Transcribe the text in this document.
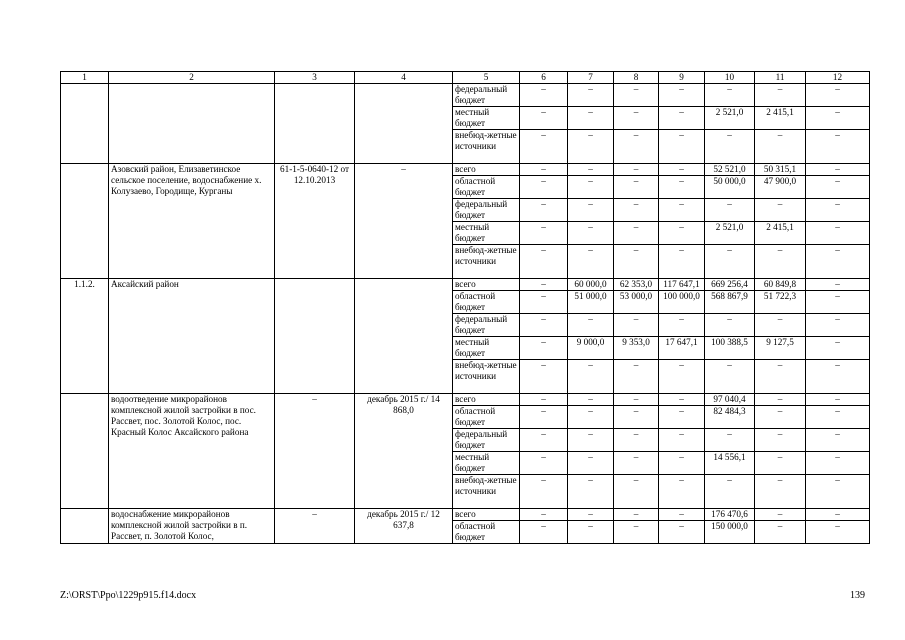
1	2	3	4	5	6	7	8	9	10	11	12
				федеральный бюджет	–	–	–	–	–	–	–
				местный бюджет	–	–	–	–	2 521,0	2 415,1	–
				внебюд-жетные источники	–	–	–	–	–	–	–
	Азовский район, Елизаветинское сельское поселение, водоснабжение х. Колузаево, Городище, Курганы	61-1-5-0640-12 от 12.10.2013	–	всего	–	–	–	–	52 521,0	50 315,1	–
				областной бюджет	–	–	–	–	50 000,0	47 900,0	–
				федеральный бюджет	–	–	–	–	–	–	–
				местный бюджет	–	–	–	–	2 521,0	2 415,1	–
				внебюд-жетные источники	–	–	–	–	–	–	–
1.1.2.	Аксайский район			всего	–	60 000,0	62 353,0	117 647,1	669 256,4	60 849,8	–
				областной бюджет	–	51 000,0	53 000,0	100 000,0	568 867,9	51 722,3	–
				федеральный бюджет	–	–	–	–	–	–	–
				местный бюджет	–	9 000,0	9 353,0	17 647,1	100 388,5	9 127,5	–
				внебюд-жетные источники	–	–	–	–	–	–	–
	водоотведение микрорайонов комплексной жилой застройки в пос. Рассвет, пос. Золотой Колос, пос. Красный Колос Аксайского района	–	декабрь 2015 г./ 14 868,0	всего	–	–	–	–	97 040,4	–	–
				областной бюджет	–	–	–	–	82 484,3	–	–
				федеральный бюджет	–	–	–	–	–	–	–
				местный бюджет	–	–	–	–	14 556,1	–	–
				внебюд-жетные источники	–	–	–	–	–	–	–
	водоснабжение микрорайонов комплексной жилой застройки в п. Рассвет, п. Золотой Колос,	–	декабрь 2015 г./ 12 637,8	всего	–	–	–	–	176 470,6	–	–
				областной бюджет	–	–	–	–	150 000,0	–	–
Z:\ORST\Ppo\1229p915.f14.docx	139
